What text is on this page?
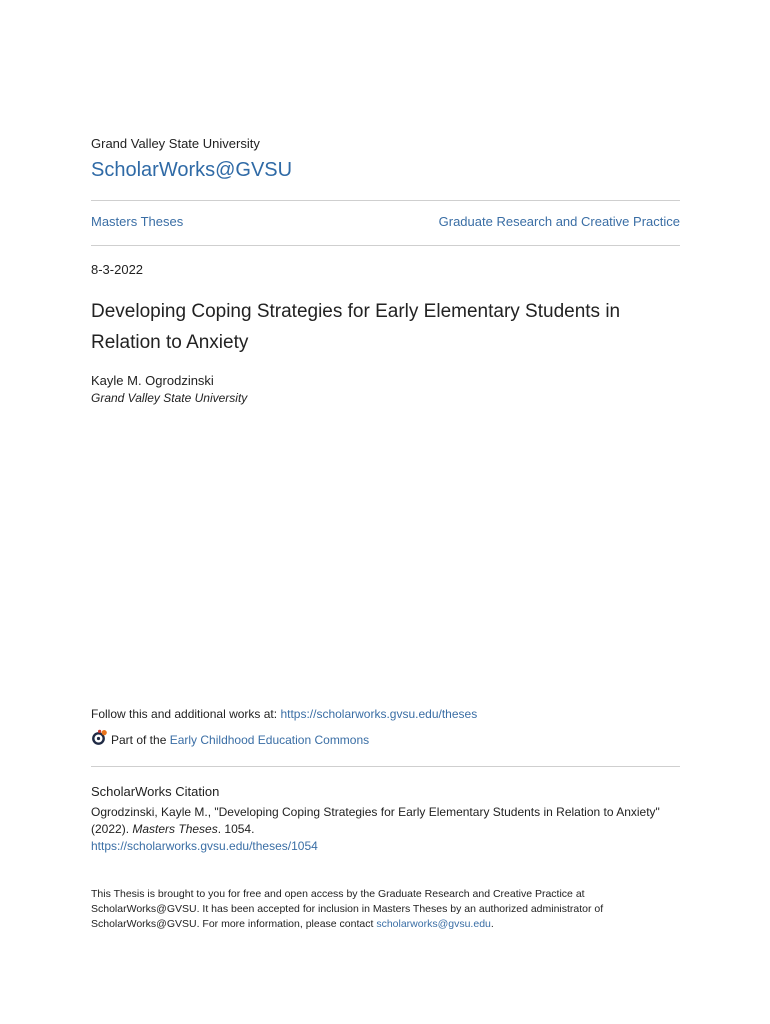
Grand Valley State University
ScholarWorks@GVSU
Masters Theses	Graduate Research and Creative Practice
8-3-2022
Developing Coping Strategies for Early Elementary Students in Relation to Anxiety
Kayle M. Ogrodzinski
Grand Valley State University
Follow this and additional works at: https://scholarworks.gvsu.edu/theses
Part of the
Early Childhood Education Commons
ScholarWorks Citation
Ogrodzinski, Kayle M., "Developing Coping Strategies for Early Elementary Students in Relation to Anxiety" (2022). Masters Theses. 1054.
https://scholarworks.gvsu.edu/theses/1054
This Thesis is brought to you for free and open access by the Graduate Research and Creative Practice at ScholarWorks@GVSU. It has been accepted for inclusion in Masters Theses by an authorized administrator of ScholarWorks@GVSU. For more information, please contact scholarworks@gvsu.edu.
